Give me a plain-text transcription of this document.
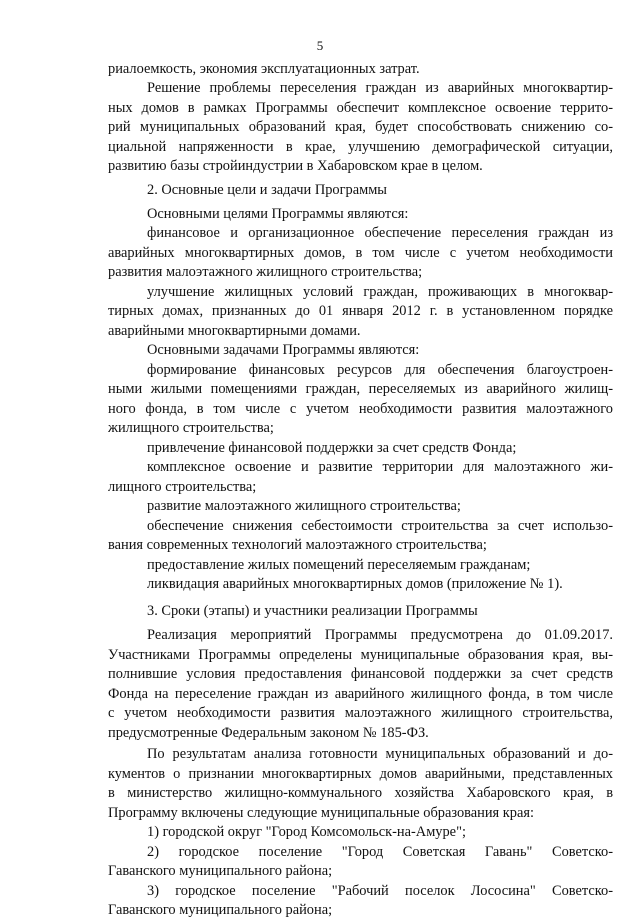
5
риалоемкость, экономия эксплуатационных затрат.
Решение проблемы переселения граждан из аварийных многоквартир-
ных домов в рамках Программы обеспечит комплексное освоение террито-
рий муниципальных образований края, будет способствовать снижению со-
циальной напряженности в крае, улучшению демографической ситуации,
развитию базы стройиндустрии в Хабаровском крае в целом.
2. Основные цели и задачи Программы
Основными целями Программы являются:
финансовое и организационное обеспечение переселения граждан из
аварийных многоквартирных домов, в том числе с учетом необходимости
развития малоэтажного жилищного строительства;
улучшение жилищных условий граждан, проживающих в многоквар-
тирных домах, признанных до 01 января 2012 г. в установленном порядке
аварийными многоквартирными домами.
Основными задачами Программы являются:
формирование финансовых ресурсов для обеспечения благоустроен-
ными жилыми помещениями граждан, переселяемых из аварийного жилищ-
ного фонда, в том числе с учетом необходимости развития малоэтажного
жилищного строительства;
привлечение финансовой поддержки за счет средств Фонда;
комплексное освоение и развитие территории для малоэтажного жи-
лищного строительства;
развитие малоэтажного жилищного строительства;
обеспечение снижения себестоимости строительства за счет использо-
вания современных технологий малоэтажного строительства;
предоставление жилых помещений переселяемым гражданам;
ликвидация аварийных многоквартирных домов (приложение № 1).
3. Сроки (этапы) и участники реализации Программы
Реализация мероприятий Программы предусмотрена до 01.09.2017.
Участниками Программы определены муниципальные образования края, вы-
полнившие условия предоставления финансовой поддержки за счет средств
Фонда на переселение граждан из аварийного жилищного фонда, в том числе
с учетом необходимости развития малоэтажного жилищного строительства,
предусмотренные Федеральным законом № 185-ФЗ.
По результатам анализа готовности муниципальных образований и до-
кументов о признании многоквартирных домов аварийными, представленных
в министерство жилищно-коммунального хозяйства Хабаровского края, в
Программу включены следующие муниципальные образования края:
1) городской округ "Город Комсомольск-на-Амуре";
2) городское поселение "Город Советская Гавань" Советско-
Гаванского муниципального района;
3) городское поселение "Рабочий поселок Лососина" Советско-
Гаванского муниципального района;
